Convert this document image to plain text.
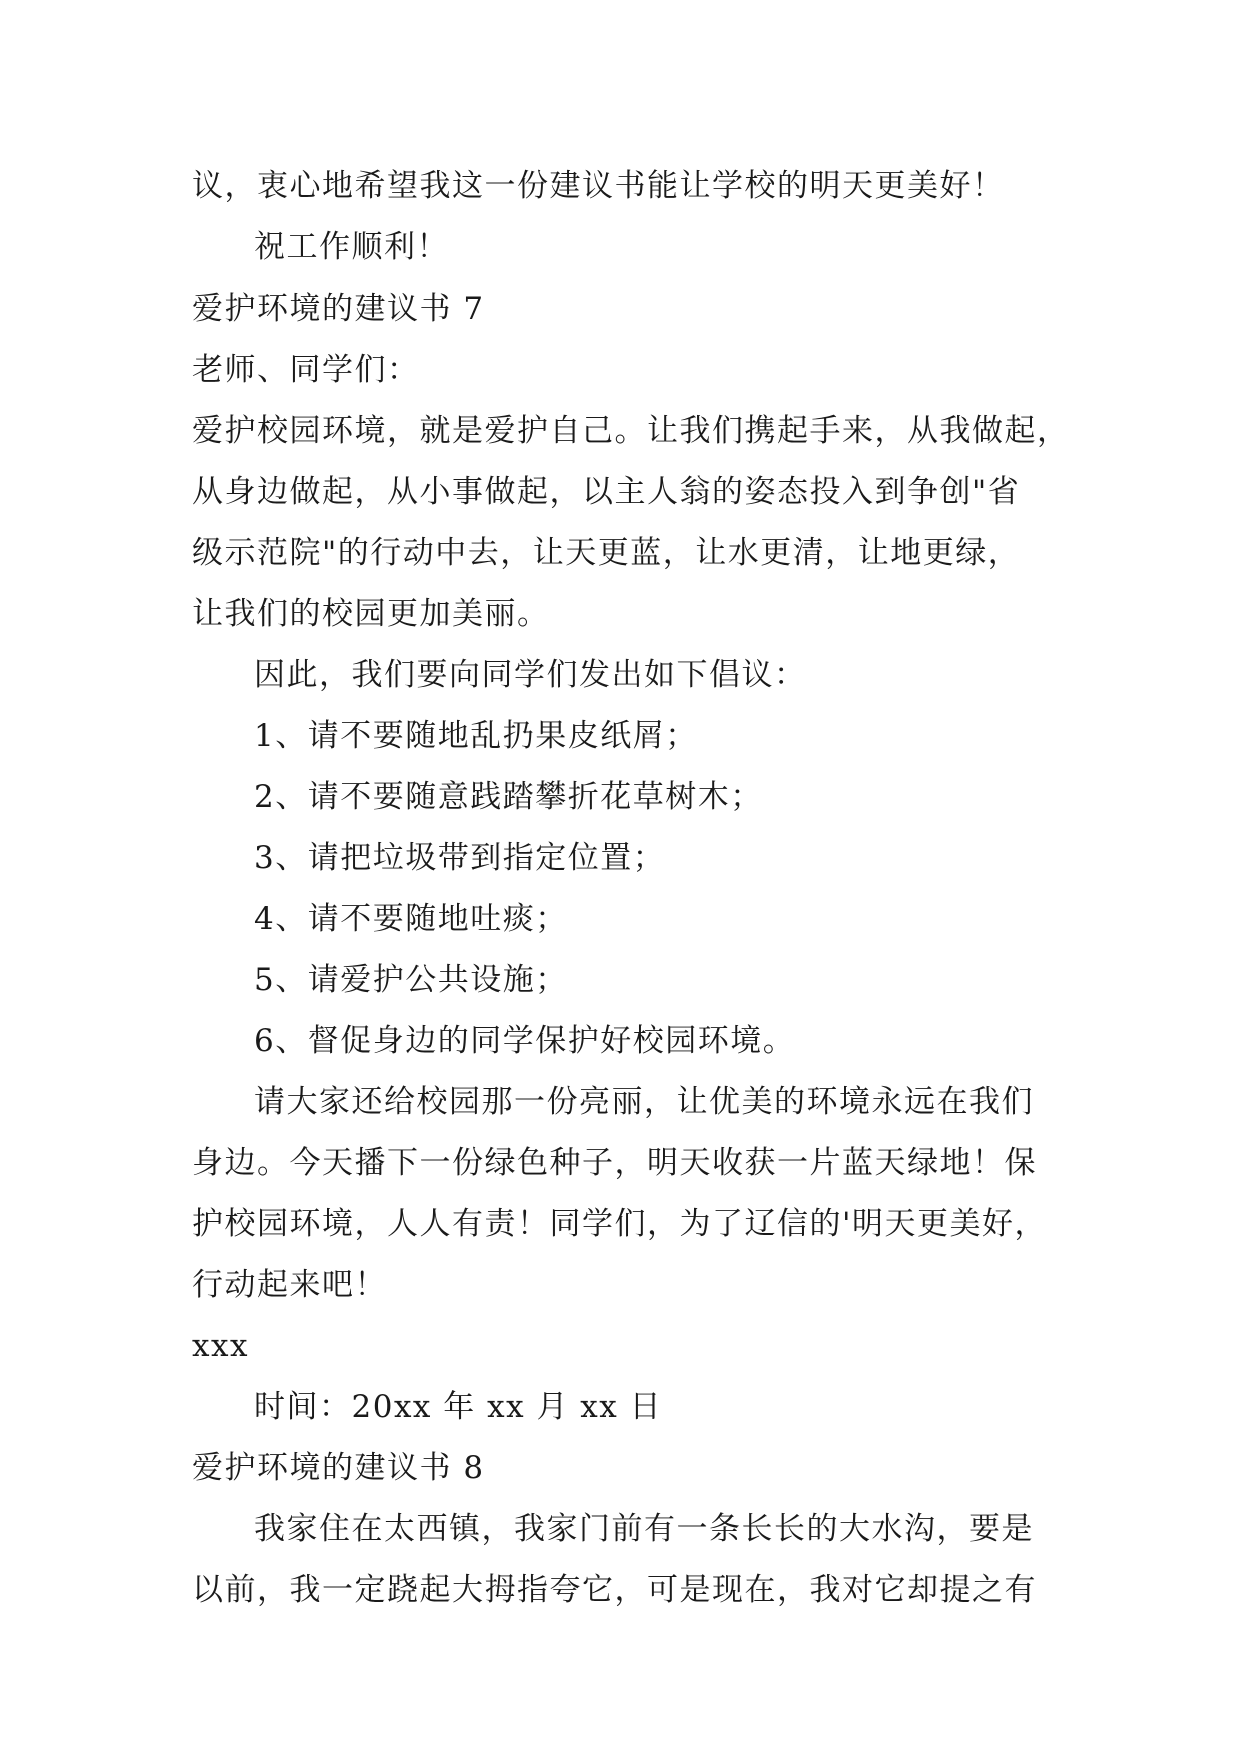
议，衷心地希望我这一份建议书能让学校的明天更美好！
祝工作顺利！
爱护环境的建议书 7
老师、同学们：
爱护校园环境，就是爱护自己。让我们携起手来，从我做起，
从身边做起，从小事做起，以主人翁的姿态投入到争创"省
级示范院"的行动中去，让天更蓝，让水更清，让地更绿，
让我们的校园更加美丽。
因此，我们要向同学们发出如下倡议：
1、请不要随地乱扔果皮纸屑；
2、请不要随意践踏攀折花草树木；
3、请把垃圾带到指定位置；
4、请不要随地吐痰；
5、请爱护公共设施；
6、督促身边的同学保护好校园环境。
请大家还给校园那一份亮丽，让优美的环境永远在我们
身边。今天播下一份绿色种子，明天收获一片蓝天绿地！保
护校园环境，人人有责！同学们，为了辽信的'明天更美好，
行动起来吧！
xxx
时间：20xx 年 xx 月 xx 日
爱护环境的建议书 8
我家住在太西镇，我家门前有一条长长的大水沟，要是
以前，我一定跷起大拇指夸它，可是现在，我对它却提之有
